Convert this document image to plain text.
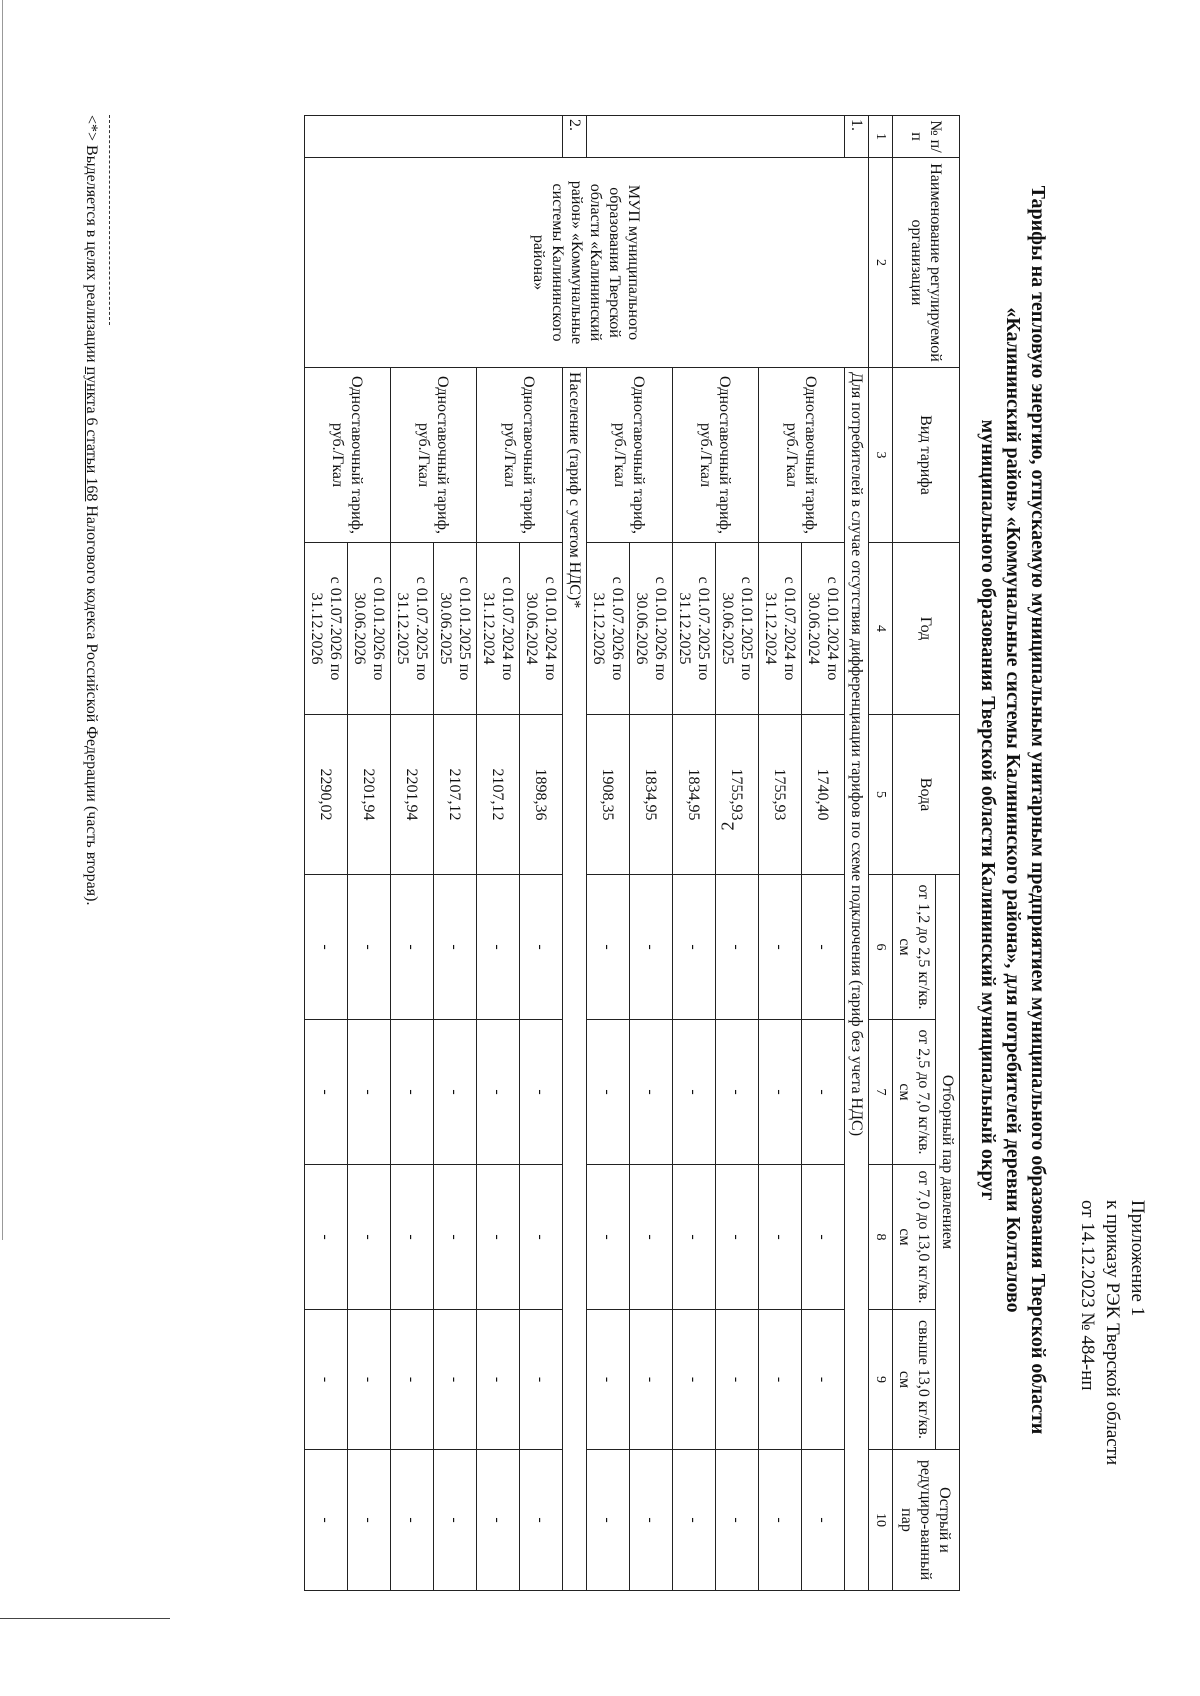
2
Приложение 1
к приказу РЭК Тверской области
от 14.12.2023 № 484-нп
Тарифы на тепловую энергию, отпускаемую муниципальным унитарным предприятием муниципального образования Тверской области
«Калининский район» «Коммунальные системы Калининского района», для потребителей деревни Колталово
муниципального образования Тверской области Калининский муниципальный округ
№ п/п	Наименование регулируемой организации	Вид тарифа	Год	Вода	Отборный пар давлением				Острый и редуциро-ванный пар
					от 1,2 до 2,5 кг/кв. см	от 2,5 до 7,0 кг/кв. см	от 7,0 до 13,0 кг/кв. см	свыше 13,0 кг/кв. см	
1	2	3	4	5	6	7	8	9	10
1.	МУП муниципального образования Тверской области «Калининский район» «Коммунальные системы Калининского района»	Для потребителей в случае отсутствия дифференциации тарифов по схеме подключения (тариф без учета НДС)							
		Одноставочный тариф, руб./Гкал	с 01.01.2024 по 30.06.2024	1740,40	-	-	-	-	-
			с 01.07.2024 по 31.12.2024	1755,93	-	-	-	-	-
		Одноставочный тариф, руб./Гкал	с 01.01.2025 по 30.06.2025	1755,93	-	-	-	-	-
			с 01.07.2025 по 31.12.2025	1834,95	-	-	-	-	-
		Одноставочный тариф, руб./Гкал	с 01.01.2026 по 30.06.2026	1834,95	-	-	-	-	-
			с 01.07.2026 по 31.12.2026	1908,35	-	-	-	-	-
2.		Население (тариф с учетом НДС)*							
		Одноставочный тариф, руб./Гкал	с 01.01.2024 по 30.06.2024	1898,36	-	-	-	-	-
			с 01.07.2024 по 31.12.2024	2107,12	-	-	-	-	-
		Одноставочный тариф, руб./Гкал	с 01.01.2025 по 30.06.2025	2107,12	-	-	-	-	-
			с 01.07.2025 по 31.12.2025	2201,94	-	-	-	-	-
		Одноставочный тариф, руб./Гкал	с 01.01.2026 по 30.06.2026	2201,94	-	-	-	-	-
			с 01.07.2026 по 31.12.2026	2290,02	-	-	-	-	-
<*> Выделяется в целях реализации пункта 6 статьи 168 Налогового кодекса Российской Федерации (часть вторая).
